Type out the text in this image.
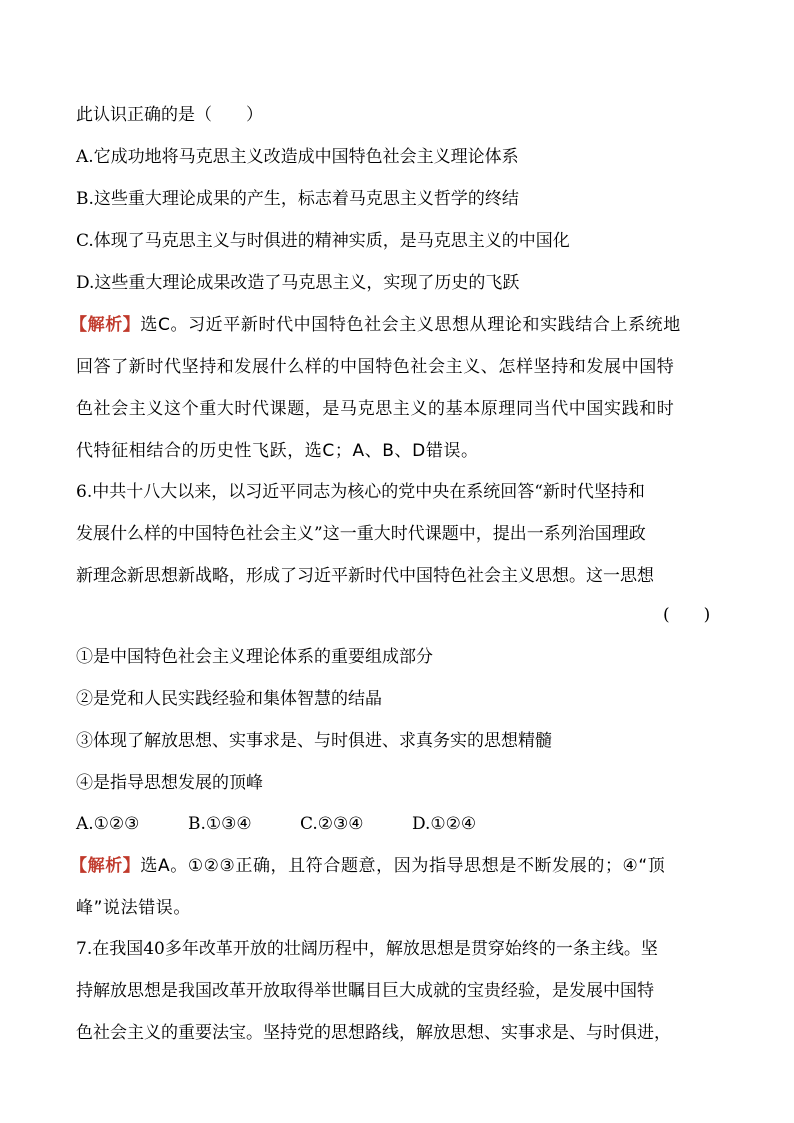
此认识正确的是（　　）
A.它成功地将马克思主义改造成中国特色社会主义理论体系
B.这些重大理论成果的产生，标志着马克思主义哲学的终结
C.体现了马克思主义与时俱进的精神实质，是马克思主义的中国化
D.这些重大理论成果改造了马克思主义，实现了历史的飞跃
【解析】选C。习近平新时代中国特色社会主义思想从理论和实践结合上系统地
回答了新时代坚持和发展什么样的中国特色社会主义、怎样坚持和发展中国特
色社会主义这个重大时代课题，是马克思主义的基本原理同当代中国实践和时
代特征相结合的历史性飞跃，选C；A、B、D错误。
6.中共十八大以来，以习近平同志为核心的党中央在系统回答“新时代坚持和
发展什么样的中国特色社会主义”这一重大时代课题中，提出一系列治国理政
新理念新思想新战略，形成了习近平新时代中国特色社会主义思想。这一思想
(　　)
①是中国特色社会主义理论体系的重要组成部分
②是党和人民实践经验和集体智慧的结晶
③体现了解放思想、实事求是、与时俱进、求真务实的思想精髓
④是指导思想发展的顶峰
A.①②③	B.①③④	C.②③④	D.①②④
【解析】选A。①②③正确，且符合题意，因为指导思想是不断发展的；④“顶
峰”说法错误。
7.在我国40多年改革开放的壮阔历程中，解放思想是贯穿始终的一条主线。坚
持解放思想是我国改革开放取得举世瞩目巨大成就的宝贵经验，是发展中国特
色社会主义的重要法宝。坚持党的思想路线，解放思想、实事求是、与时俱进，
